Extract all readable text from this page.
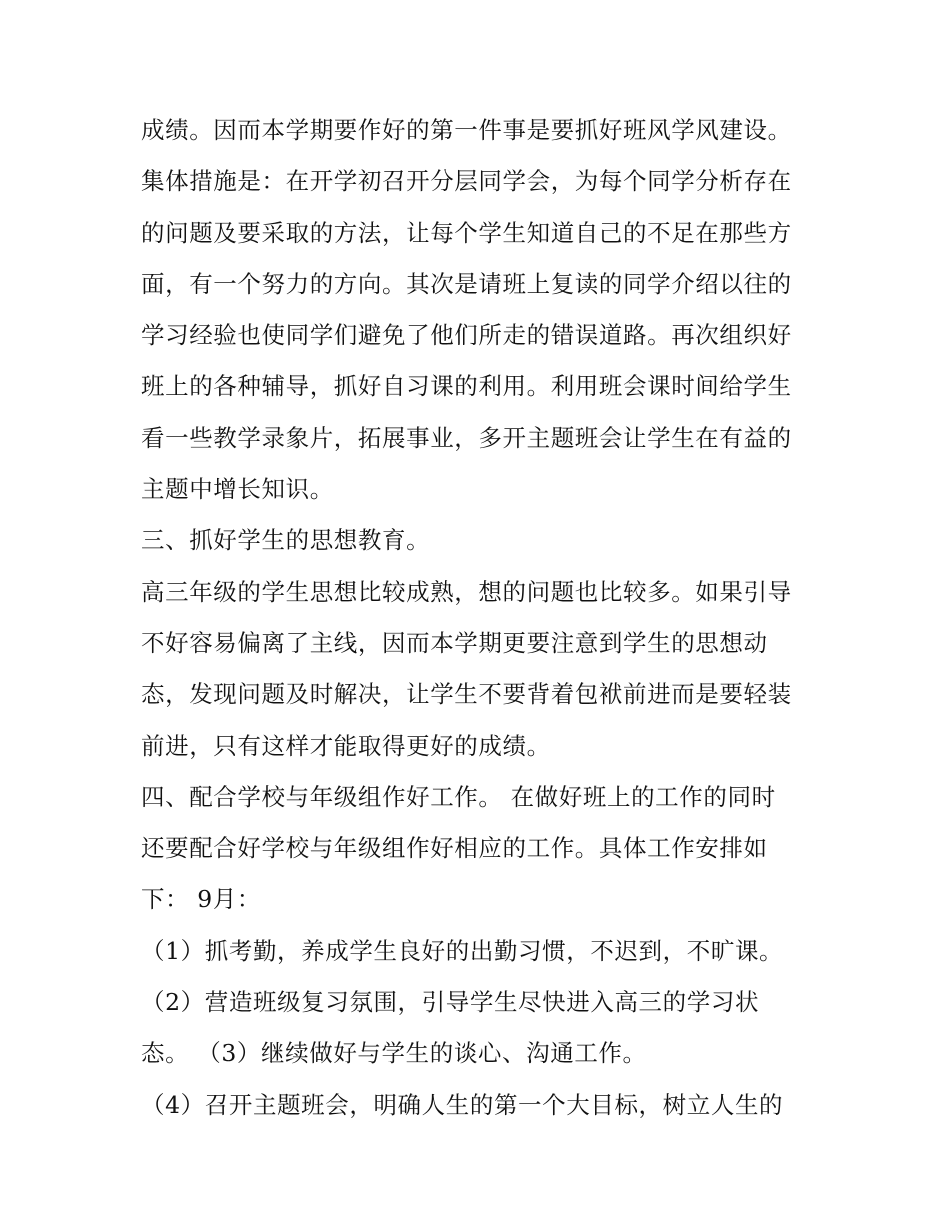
成绩。因而本学期要作好的第一件事是要抓好班风学风建设。
集体措施是：在开学初召开分层同学会，为每个同学分析存在
的问题及要采取的方法，让每个学生知道自己的不足在那些方
面，有一个努力的方向。其次是请班上复读的同学介绍以往的
学习经验也使同学们避免了他们所走的错误道路。再次组织好
班上的各种辅导，抓好自习课的利用。利用班会课时间给学生
看一些教学录象片，拓展事业，多开主题班会让学生在有益的
主题中增长知识。
三、抓好学生的思想教育。
高三年级的学生思想比较成熟，想的问题也比较多。如果引导
不好容易偏离了主线，因而本学期更要注意到学生的思想动
态，发现问题及时解决，让学生不要背着包袱前进而是要轻装
前进，只有这样才能取得更好的成绩。
四、配合学校与年级组作好工作。 在做好班上的工作的同时
还要配合好学校与年级组作好相应的工作。具体工作安排如
下： 9月：
（1）抓考勤，养成学生良好的出勤习惯，不迟到，不旷课。
（2）营造班级复习氛围，引导学生尽快进入高三的学习状
态。 （3）继续做好与学生的谈心、沟通工作。
（4）召开主题班会，明确人生的第一个大目标，树立人生的
